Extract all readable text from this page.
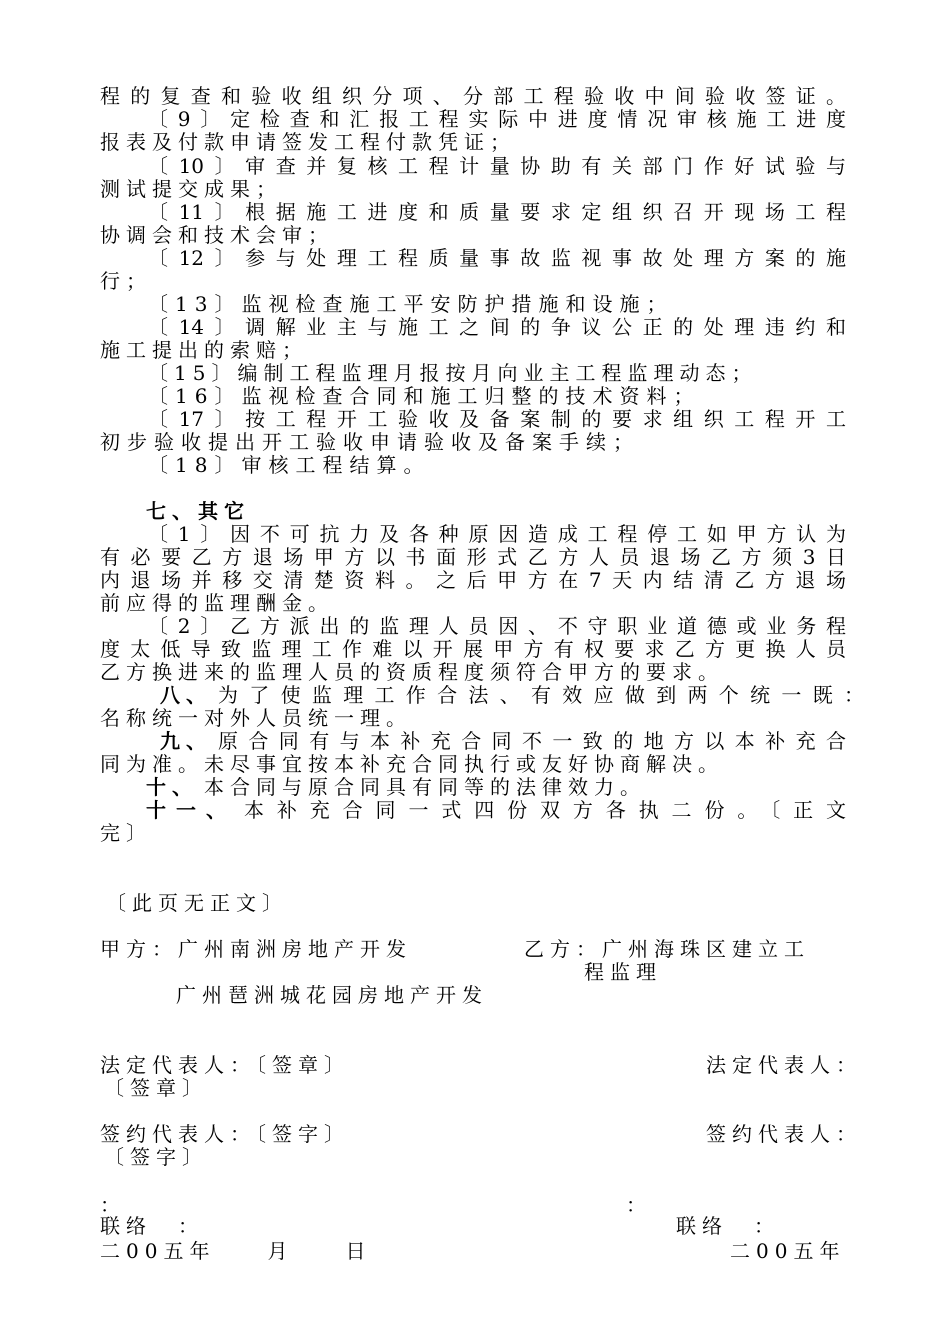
程的复查和验收组织分项、分部工程验收中间验收签证。
〔9〕定检查和汇报工程实际中进度情况审核施工进度
报表及付款申请签发工程付款凭证；
〔10〕审查并复核工程计量协助有关部门作好试验与
测试提交成果；
〔11〕根据施工进度和质量要求定组织召开现场工程
协调会和技术会审；
〔12〕参与处理工程质量事故监视事故处理方案的施
行；
〔13〕监视检查施工平安防护措施和设施；
〔14〕调解业主与施工之间的争议公正的处理违约和
施工提出的索赔；
〔15〕编制工程监理月报按月向业主工程监理动态；
〔16〕监视检查合同和施工归整的技术资料；
〔17〕按工程开工验收及备案制的要求组织工程开工
初步验收提出开工验收申请验收及备案手续；
〔18〕审核工程结算。
七、其它
〔1〕因不可抗力及各种原因造成工程停工如甲方认为
有必要乙方退场甲方以书面形式乙方人员退场乙方须3日
内退场并移交清楚资料。之后甲方在7天内结清乙方退场
前应得的监理酬金。
〔2〕乙方派出的监理人员因、不守职业道德或业务程
度太低导致监理工作难以开展甲方有权要求乙方更换人员
乙方换进来的监理人员的资质程度须符合甲方的要求。
八、 为了使监理工作合法、有效应做到两个统一既：
名称统一对外人员统一理。
九、 原合同有与本补充合同不一致的地方以本补充合
同为准。未尽事宜按本补充合同执行或友好协商解决。
十、 本合同与原合同具有同等的法律效力。
十一、 本补充合同一式四份双方各执二份。〔正文
完〕
〔此页无正文〕
甲方：广州南洲房地产开发	乙方：广州海珠区建立工
程监理
广州琶洲城花园房地产开发
法定代表人：〔签章〕	法定代表人：
〔签章〕
签约代表人：〔签字〕	签约代表人：
〔签字〕
：	：
联络　：	联络　：
二00五年　　月　　日	二00五年
